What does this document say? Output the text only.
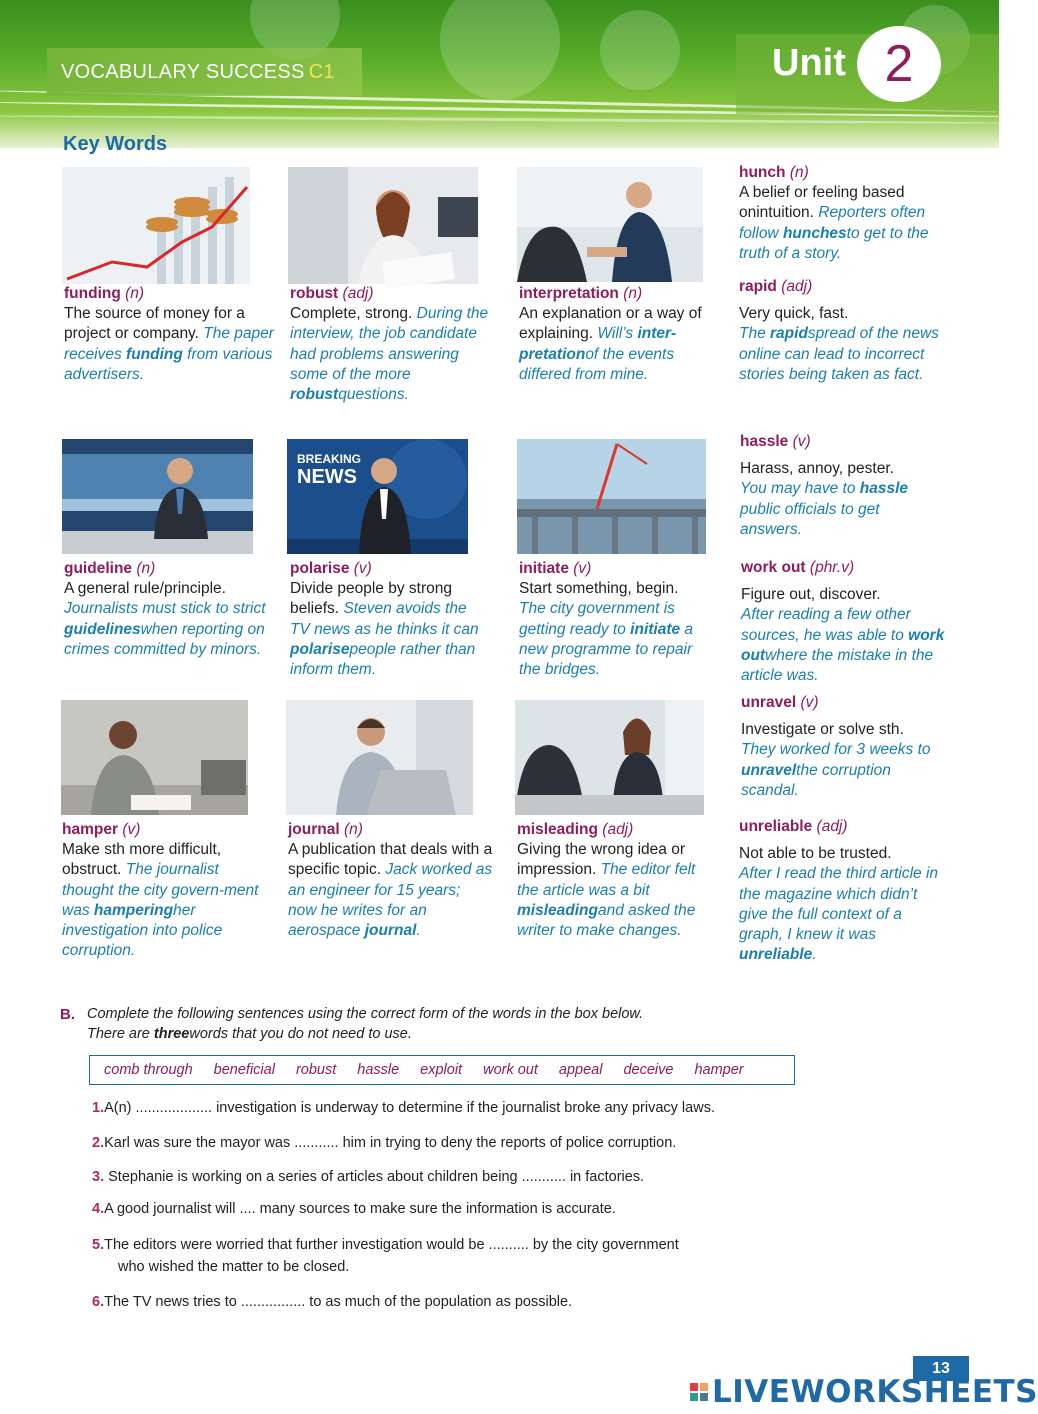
VOCABULARY SUCCESS C1	Unit 2
Key Words
BREAKING
NEWS
funding (n)
The source of money for a project or company. The paper receives funding from various advertisers.
guideline (n)
A general rule/principle. Journalists must stick to strict guidelineswhen reporting on crimes committed by minors.
hamper (v)
Make sth more difficult, obstruct. The journalist thought the city govern-ment was hamperingher investigation into police corruption.
robust (adj)
Complete, strong. During the interview, the job candidate had problems answering some of the more robustquestions.
polarise (v)
Divide people by strong beliefs. Steven avoids the TV news as he thinks it can polarisepeople rather than inform them.
journal (n)
A publication that deals with a specific topic. Jack worked as an engineer for 15 years; now he writes for an aerospace journal.
interpretation (n)
An explanation or a way of explaining. Will’s inter-pretationof the events differed from mine.
initiate (v)
Start something, begin. The city government is getting ready to initiate a new programme to repair the bridges.
misleading (adj)
Giving the wrong idea or impression. The editor felt the article was a bit misleadingand asked the writer to make changes.
hunch (n)
A belief or feeling based onintuition. Reporters often follow hunchesto get to the truth of a story.
rapid (adj)
Very quick, fast.
The rapidspread of the news online can lead to incorrect stories being taken as fact.
hassle (v)
Harass, annoy, pester.
You may have to hassle public officials to get answers.
work out (phr.v)
Figure out, discover.
After reading a few other sources, he was able to work outwhere the mistake in the article was.
unravel (v)
Investigate or solve sth.
They worked for 3 weeks to unravelthe corruption scandal.
unreliable (adj)
Not able to be trusted.
After I read the third article in the magazine which didn’t give the full context of a graph, I knew it was unreliable.
B. Complete the following sentences using the correct form of the words in the box below.
There are threewords that you do not need to use.
comb through beneficial robust hassle exploit work out appeal deceive hamper
1.A(n) ................... investigation is underway to determine if the journalist broke any privacy laws.
2.Karl was sure the mayor was ........... him in trying to deny the reports of police corruption.
3. Stephanie is working on a series of articles about children being ........... in factories.
4.A good journalist will .... many sources to make sure the information is accurate.
5.The editors were worried that further investigation would be .......... by the city government
who wished the matter to be closed.
6.The TV news tries to ................ to as much of the population as possible.
13
LIVEWORKSHEETS
